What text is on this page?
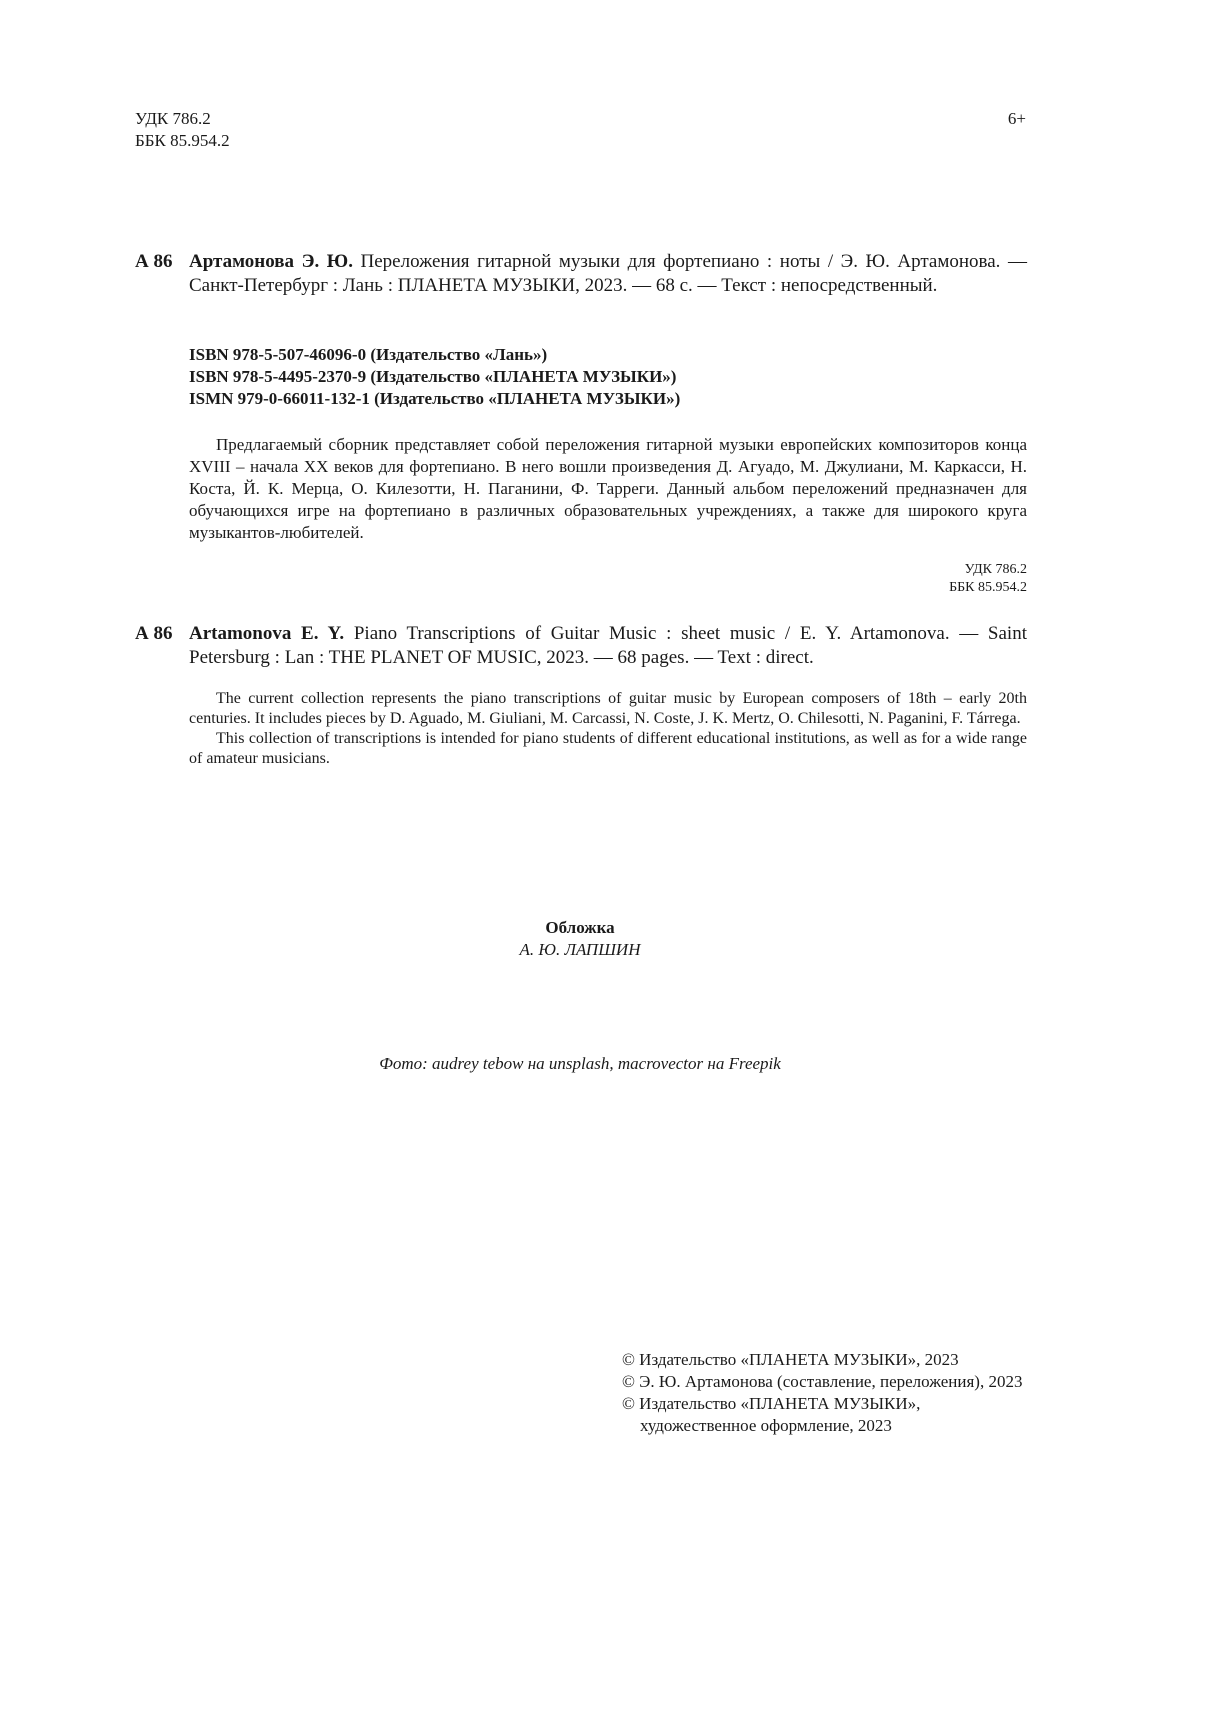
УДК 786.2
ББК 85.954.2
6+
А 86 Артамонова Э. Ю. Переложения гитарной музыки для фортепиано : ноты / Э. Ю. Артамонова. — Санкт-Петербург : Лань : ПЛАНЕТА МУЗЫКИ, 2023. — 68 с. — Текст : непосредственный.
ISBN 978-5-507-46096-0 (Издательство «Лань»)
ISBN 978-5-4495-2370-9 (Издательство «ПЛАНЕТА МУЗЫКИ»)
ISMN 979-0-66011-132-1 (Издательство «ПЛАНЕТА МУЗЫКИ»)
Предлагаемый сборник представляет собой переложения гитарной музыки европейских композиторов конца XVIII – начала XX веков для фортепиано. В него вошли произведения Д. Агуадо, М. Джулиани, М. Каркасси, Н. Коста, Й. К. Мерца, О. Килезотти, Н. Паганини, Ф. Тарреги. Данный альбом переложений предназначен для обучающихся игре на фортепиано в различных образовательных учреждениях, а также для широкого круга музыкантов-любителей.
УДК 786.2
ББК 85.954.2
А 86 Artamonova E. Y. Piano Transcriptions of Guitar Music : sheet music / E. Y. Artamonova. — Saint Petersburg : Lan : THE PLANET OF MUSIC, 2023. — 68 pages. — Text : direct.
The current collection represents the piano transcriptions of guitar music by European composers of 18th – early 20th centuries. It includes pieces by D. Aguado, M. Giuliani, M. Carcassi, N. Coste, J. K. Mertz, O. Chilesotti, N. Paganini, F. Tárrega.
This collection of transcriptions is intended for piano students of different educational institutions, as well as for a wide range of amateur musicians.
Обложка
А. Ю. ЛАПШИН
Фото: audrey tebow на unsplash, macrovector на Freepik
© Издательство «ПЛАНЕТА МУЗЫКИ», 2023
© Э. Ю. Артамонова (составление, переложения), 2023
© Издательство «ПЛАНЕТА МУЗЫКИ»,
художественное оформление, 2023
